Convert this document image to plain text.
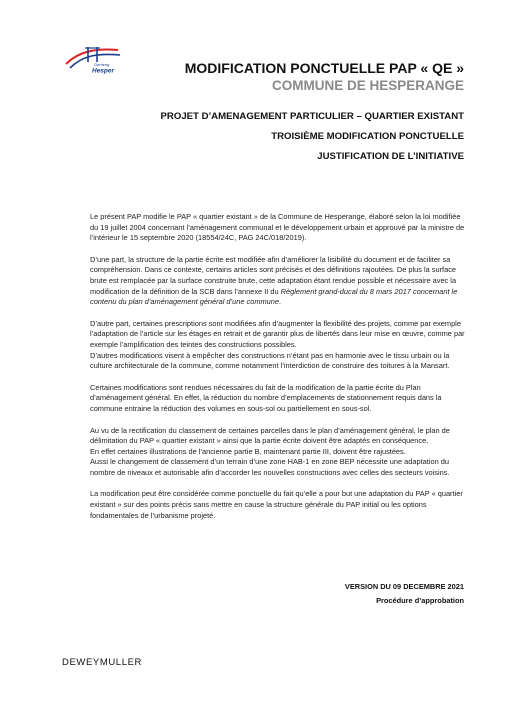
Gemeng
Hesper	MODIFICATION PONCTUELLE PAP « QE »
COMMUNE DE HESPERANGE
PROJET D’AMENAGEMENT PARTICULIER – QUARTIER EXISTANT
TROISIÈME MODIFICATION PONCTUELLE
JUSTIFICATION DE L’INITIATIVE

Le présent PAP modifie le PAP « quartier existant » de la Commune de Hesperange, élaboré selon la loi modifiée du 19 juillet 2004 concernant l’aménagement communal et le développement urbain et approuvé par la ministre de l’intérieur le 15 septembre 2020 (18554/24C, PAG 24C/018/2019).

D’une part, la structure de la partie écrite est modifiée afin d’améliorer la lisibilité du document et de faciliter sa compréhension. Dans ce contexte, certains articles sont précisés et des définitions rajoutées. De plus la surface brute est remplacée par la surface construite brute, cette adaptation étant rendue possible et nécessaire avec la modification de la définition de la SCB dans l’annexe II du Règlement grand-ducal du 8 mars 2017 concernant le contenu du plan d’aménagement général d’une commune.

D’autre part, certaines prescriptions sont modifiées afin d’augmenter la flexibilité des projets, comme par exemple l’adaptation de l’article sur les étages en retrait et de garantir plus de libertés dans leur mise en œuvre, comme par exemple l’amplification des teintes des constructions possibles.
D’autres modifications visent à empêcher des constructions n’étant pas en harmonie avec le tissu urbain ou la culture architecturale de la commune, comme notamment l’interdiction de construire des toitures à la Mansart.

Certaines modifications sont rendues nécessaires du fait de la modification de la partie écrite du Plan d’aménagement général. En effet, la réduction du nombre d’emplacements de stationnement requis dans la commune entraine la réduction des volumes en sous-sol ou partiellement en sous-sol.

Au vu de la rectification du classement de certaines parcelles dans le plan d’aménagement général, le plan de délimitation du PAP « quartier existant » ainsi que la partie écrite doivent être adaptés en conséquence.
En effet certaines illustrations de l’ancienne partie B, maintenant partie III, doivent être rajustées.
Aussi le changement de classement d’un terrain d’une zone HAB-1 en zone BEP nécessite une adaptation du nombre de niveaux et autorisable afin d’accorder les nouvelles constructions avec celles des secteurs voisins.

La modification peut être considérée comme ponctuelle du fait qu’elle a pour but une adaptation du PAP « quartier existant » sur des points précis sans mettre en cause la structure générale du PAP initial ou les options fondamentales de l’urbanisme projeté.

VERSION DU 09 DECEMBRE 2021
Procédure d’approbation
DEWEYMULLER
